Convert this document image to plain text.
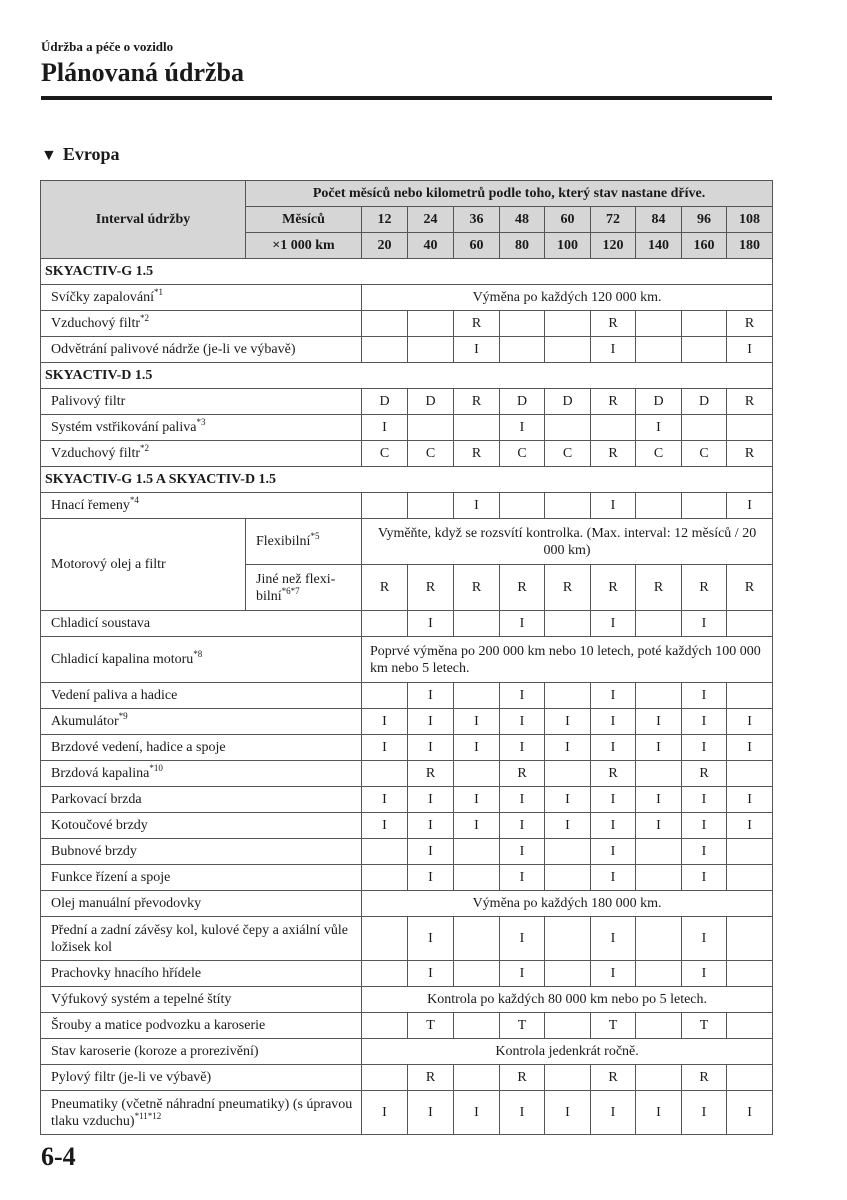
Údržba a péče o vozidlo
Plánovaná údržba
▼ Evropa
Interval údržby	Počet měsíců nebo kilometrů podle toho, který stav nastane dříve.									
	Měsíců	12	24	36	48	60	72	84	96	108
	×1 000 km	20	40	60	80	100	120	140	160	180
SKYACTIV-G 1.5										
Svíčky zapalování$^{*1}$		Výměna po každých 120 000 km.								
Vzduchový filtr$^{*2}$				R			R			R
Odvětrání palivové nádrže (je-li ve výbavě)				I			I			I
SKYACTIV-D 1.5										
Palivový filtr		D	D	R	D	D	R	D	D	R
Systém vstřikování paliva$^{*3}$		I			I			I		
Vzduchový filtr$^{*2}$		C	C	R	C	C	R	C	C	R
SKYACTIV-G 1.5 A SKYACTIV-D 1.5										
Hnací řemeny$^{*4}$				I			I			I
Motorový olej a filtr	Flexibilní$^{*5}$	Vyměňte, když se rozsvítí kontrolka. (Max. interval: 12 měsíců / 20 000 km)								
	Jiné než flexi-bilní$^{*6*7}$	R	R	R	R	R	R	R	R	R
Chladicí soustava			I		I		I		I	
Chladicí kapalina motoru$^{*8}$		Poprvé výměna po 200 000 km nebo 10 letech, poté každých 100 000 km nebo 5 letech.								
Vedení paliva a hadice			I		I		I		I	
Akumulátor$^{*9}$		I	I	I	I	I	I	I	I	I
Brzdové vedení, hadice a spoje		I	I	I	I	I	I	I	I	I
Brzdová kapalina$^{*10}$			R		R		R		R	
Parkovací brzda		I	I	I	I	I	I	I	I	I
Kotoučové brzdy		I	I	I	I	I	I	I	I	I
Bubnové brzdy			I		I		I		I	
Funkce řízení a spoje			I		I		I		I	
Olej manuální převodovky		Výměna po každých 180 000 km.								
Přední a zadní závěsy kol, kulové čepy a axiální vůle ložisek kol			I		I		I		I	
Prachovky hnacího hřídele			I		I		I		I	
Výfukový systém a tepelné štíty		Kontrola po každých 80 000 km nebo po 5 letech.								
Šrouby a matice podvozku a karoserie			T		T		T		T	
Stav karoserie (koroze a prorezivění)		Kontrola jedenkrát ročně.								
Pylový filtr (je-li ve výbavě)			R		R		R		R	
Pneumatiky (včetně náhradní pneumatiky) (s úpravou tlaku vzduchu)$^{*11*12}$		I	I	I	I	I	I	I	I	I
6-4
